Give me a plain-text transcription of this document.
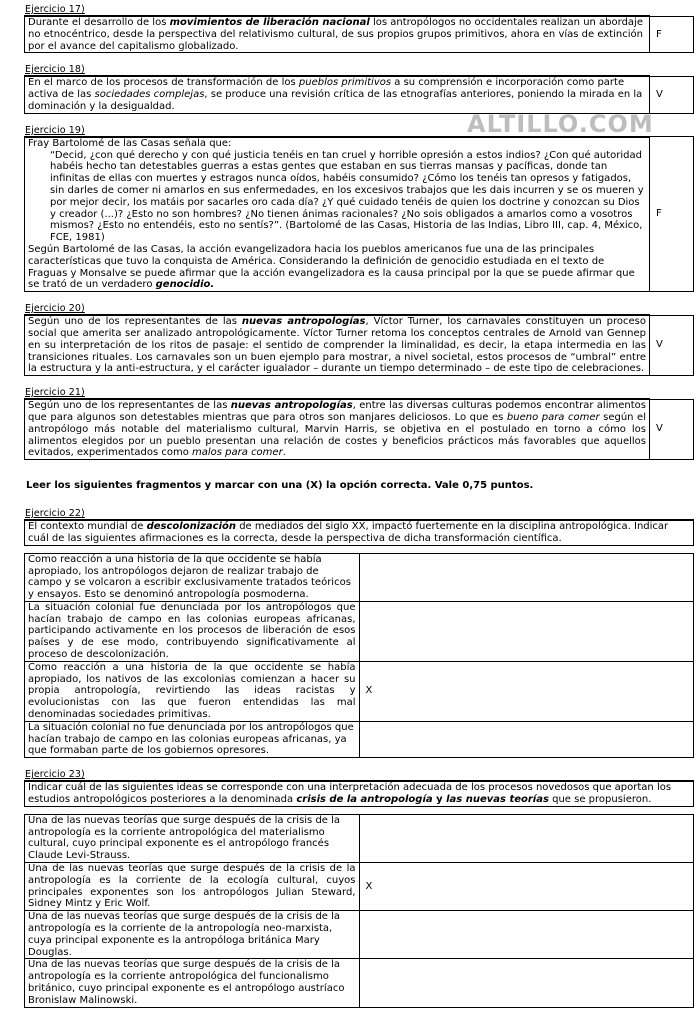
ALTILLO.COM
Ejercicio 17)
Durante el desarrollo de los movimientos de liberación nacional los antropólogos no occidentales realizan un abordaje no etnocéntrico, desde la perspectiva del relativismo cultural, de sus propios grupos primitivos, ahora en vías de extinción por el avance del capitalismo globalizado.	F
Ejercicio 18)
En el marco de los procesos de transformación de los pueblos primitivos a su comprensión e incorporación como parte activa de las sociedades complejas, se produce una revisión crítica de las etnografías anteriores, poniendo la mirada en la dominación y la desigualdad.	V
Ejercicio 19)
Fray Bartolomé de las Casas señala que:
“Decid, ¿con qué derecho y con qué justicia tenéis en tan cruel y horrible opresión a estos indios? ¿Con qué autoridad habéis hecho tan detestables guerras a estas gentes que estaban en sus tierras mansas y pacíficas, donde tan infinitas de ellas con muertes y estragos nunca oídos, habéis consumido? ¿Cómo los tenéis tan opresos y fatigados, sin darles de comer ni amarlos en sus enfermedades, en los excesivos trabajos que les dais incurren y se os mueren y por mejor decir, los matáis por sacarles oro cada día? ¿Y qué cuidado tenéis de quien los doctrine y conozcan su Dios y creador (...)? ¿Esto no son hombres? ¿No tienen ánimas racionales? ¿No sois obligados a amarlos como a vosotros mismos? ¿Esto no entendéis, esto no sentís?”. (Bartolomé de las Casas, Historia de las Indias, Libro III, cap. 4, México, FCE, 1981)
Según Bartolomé de las Casas, la acción evangelizadora hacia los pueblos americanos fue una de las principales características que tuvo la conquista de América. Considerando la definición de genocidio estudiada en el texto de Fraguas y Monsalve se puede afirmar que la acción evangelizadora es la causa principal por la que se puede afirmar que se trató de un verdadero genocidio.
	F
Ejercicio 20)
Según uno de los representantes de las nuevas antropologías, Víctor Turner, los carnavales constituyen un proceso social que amerita ser analizado antropológicamente. Víctor Turner retoma los conceptos centrales de Arnold van Gennep en su interpretación de los ritos de pasaje: el sentido de comprender la liminalidad, es decir, la etapa intermedia en las transiciones rituales. Los carnavales son un buen ejemplo para mostrar, a nivel societal, estos procesos de “umbral” entre la estructura y la anti-estructura, y el carácter igualador – durante un tiempo determinado – de este tipo de celebraciones.	V
Ejercicio 21)
Según uno de los representantes de las nuevas antropologías, entre las diversas culturas podemos encontrar alimentos que para algunos son detestables mientras que para otros son manjares deliciosos. Lo que es bueno para comer según el antropólogo más notable del materialismo cultural, Marvin Harris, se objetiva en el postulado en torno a cómo los alimentos elegidos por un pueblo presentan una relación de costes y beneficios prácticos más favorables que aquellos evitados, experimentados como malos para comer.	V
Leer los siguientes fragmentos y marcar con una (X) la opción correcta. Vale 0,75 puntos.
Ejercicio 22)
El contexto mundial de descolonización de mediados del siglo XX, impactó fuertemente en la disciplina antropológica. Indicar cuál de las siguientes afirmaciones es la correcta, desde la perspectiva de dicha transformación científica.	

Como reacción a una historia de la que occidente se había apropiado, los antropólogos dejaron de realizar trabajo de campo y se volcaron a escribir exclusivamente tratados teóricos y ensayos. Esto se denominó antropología posmoderna.	
La situación colonial fue denunciada por los antropólogos que hacían trabajo de campo en las colonias europeas africanas, participando activamente en los procesos de liberación de esos países y de ese modo, contribuyendo significativamente al proceso de descolonización.	
Como reacción a una historia de la que occidente se había apropiado, los nativos de las excolonias comienzan a hacer su propia antropología, revirtiendo las ideas racistas y evolucionistas con las que fueron entendidas las mal denominadas sociedades primitivas.	X
La situación colonial no fue denunciada por los antropólogos que hacían trabajo de campo en las colonias europeas africanas, ya que formaban parte de los gobiernos opresores.	
Ejercicio 23)
Indicar cuál de las siguientes ideas se corresponde con una interpretación adecuada de los procesos novedosos que aportan los estudios antropológicos posteriores a la denominada crisis de la antropología y las nuevas teorías que se propusieron.	

Una de las nuevas teorías que surge después de la crisis de la antropología es la corriente antropológica del materialismo cultural, cuyo principal exponente es el antropólogo francés Claude Levi-Strauss.	
Una de las nuevas teorías que surge después de la crisis de la antropología es la corriente de la ecología cultural, cuyos principales exponentes son los antropólogos Julian Steward, Sidney Mintz y Eric Wolf.	X
Una de las nuevas teorías que surge después de la crisis de la antropología es la corriente de la antropología neo-marxista, cuya principal exponente es la antropóloga británica Mary Douglas.	
Una de las nuevas teorías que surge después de la crisis de la antropología es la corriente antropológica del funcionalismo británico, cuyo principal exponente es el antropólogo austríaco Bronislaw Malinowski.	
